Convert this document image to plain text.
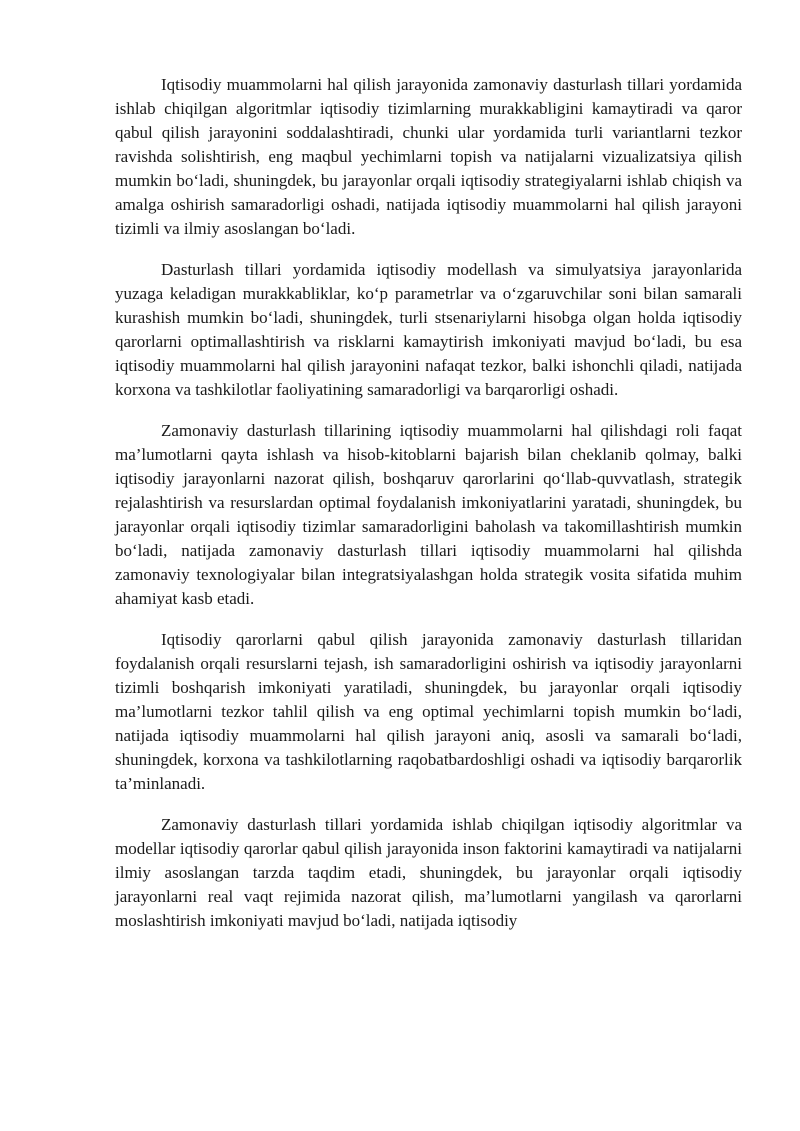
Iqtisodiy muammolarni hal qilish jarayonida zamonaviy dasturlash tillari yordamida ishlab chiqilgan algoritmlar iqtisodiy tizimlarning murakkabligini kamaytiradi va qaror qabul qilish jarayonini soddalashtiradi, chunki ular yordamida turli variantlarni tezkor ravishda solishtirish, eng maqbul yechimlarni topish va natijalarni vizualizatsiya qilish mumkin bo‘ladi, shuningdek, bu jarayonlar orqali iqtisodiy strategiyalarni ishlab chiqish va amalga oshirish samaradorligi oshadi, natijada iqtisodiy muammolarni hal qilish jarayoni tizimli va ilmiy asoslangan bo‘ladi.

Dasturlash tillari yordamida iqtisodiy modellash va simulyatsiya jarayonlarida yuzaga keladigan murakkabliklar, ko‘p parametrlar va o‘zgaruvchilar soni bilan samarali kurashish mumkin bo‘ladi, shuningdek, turli stsenariylarni hisobga olgan holda iqtisodiy qarorlarni optimallashtirish va risklarni kamaytirish imkoniyati mavjud bo‘ladi, bu esa iqtisodiy muammolarni hal qilish jarayonini nafaqat tezkor, balki ishonchli qiladi, natijada korxona va tashkilotlar faoliyatining samaradorligi va barqarorligi oshadi.

Zamonaviy dasturlash tillarining iqtisodiy muammolarni hal qilishdagi roli faqat ma’lumotlarni qayta ishlash va hisob-kitoblarni bajarish bilan cheklanib qolmay, balki iqtisodiy jarayonlarni nazorat qilish, boshqaruv qarorlarini qo‘llab-quvvatlash, strategik rejalashtirish va resurslardan optimal foydalanish imkoniyatlarini yaratadi, shuningdek, bu jarayonlar orqali iqtisodiy tizimlar samaradorligini baholash va takomillashtirish mumkin bo‘ladi, natijada zamonaviy dasturlash tillari iqtisodiy muammolarni hal qilishda zamonaviy texnologiyalar bilan integratsiyalashgan holda strategik vosita sifatida muhim ahamiyat kasb etadi.

Iqtisodiy qarorlarni qabul qilish jarayonida zamonaviy dasturlash tillaridan foydalanish orqali resurslarni tejash, ish samaradorligini oshirish va iqtisodiy jarayonlarni tizimli boshqarish imkoniyati yaratiladi, shuningdek, bu jarayonlar orqali iqtisodiy ma’lumotlarni tezkor tahlil qilish va eng optimal yechimlarni topish mumkin bo‘ladi, natijada iqtisodiy muammolarni hal qilish jarayoni aniq, asosli va samarali bo‘ladi, shuningdek, korxona va tashkilotlarning raqobatbardoshligi oshadi va iqtisodiy barqarorlik ta’minlanadi.

Zamonaviy dasturlash tillari yordamida ishlab chiqilgan iqtisodiy algoritmlar va modellar iqtisodiy qarorlar qabul qilish jarayonida inson faktorini kamaytiradi va natijalarni ilmiy asoslangan tarzda taqdim etadi, shuningdek, bu jarayonlar orqali iqtisodiy jarayonlarni real vaqt rejimida nazorat qilish, ma’lumotlarni yangilash va qarorlarni moslashtirish imkoniyati mavjud bo‘ladi, natijada iqtisodiy
